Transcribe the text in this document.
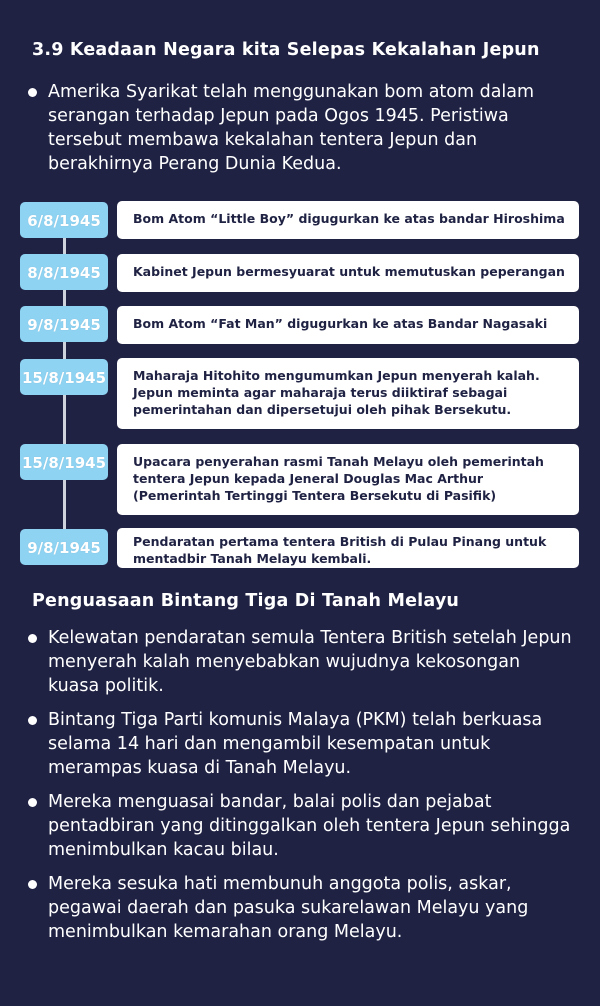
3.9 Keadaan Negara kita Selepas Kekalahan Jepun
Amerika Syarikat telah menggunakan bom atom dalam serangan terhadap Jepun pada Ogos 1945. Peristiwa tersebut membawa kekalahan tentera Jepun dan berakhirnya Perang Dunia Kedua.
6/8/1945	Bom Atom “Little Boy” digugurkan ke atas bandar Hiroshima
8/8/1945	Kabinet Jepun bermesyuarat untuk memutuskan peperangan
9/8/1945	Bom Atom “Fat Man” digugurkan ke atas Bandar Nagasaki
15/8/1945	Maharaja Hitohito mengumumkan Jepun menyerah kalah. Jepun meminta agar maharaja terus diiktiraf sebagai pemerintahan dan dipersetujui oleh pihak Bersekutu.
15/8/1945	Upacara penyerahan rasmi Tanah Melayu oleh pemerintah tentera Jepun kepada Jeneral Douglas Mac Arthur (Pemerintah Tertinggi Tentera Bersekutu di Pasifik)
9/8/1945	Pendaratan pertama tentera British di Pulau Pinang untuk mentadbir Tanah Melayu kembali.
Penguasaan Bintang Tiga Di Tanah Melayu
Kelewatan pendaratan semula Tentera British setelah Jepun menyerah kalah menyebabkan wujudnya kekosongan kuasa politik.
Bintang Tiga Parti komunis Malaya (PKM) telah berkuasa selama 14 hari dan mengambil kesempatan untuk merampas kuasa di Tanah Melayu.
Mereka menguasai bandar, balai polis dan pejabat pentadbiran yang ditinggalkan oleh tentera Jepun sehingga menimbulkan kacau bilau.
Mereka sesuka hati membunuh anggota polis, askar, pegawai daerah dan pasuka sukarelawan Melayu yang menimbulkan kemarahan orang Melayu.
